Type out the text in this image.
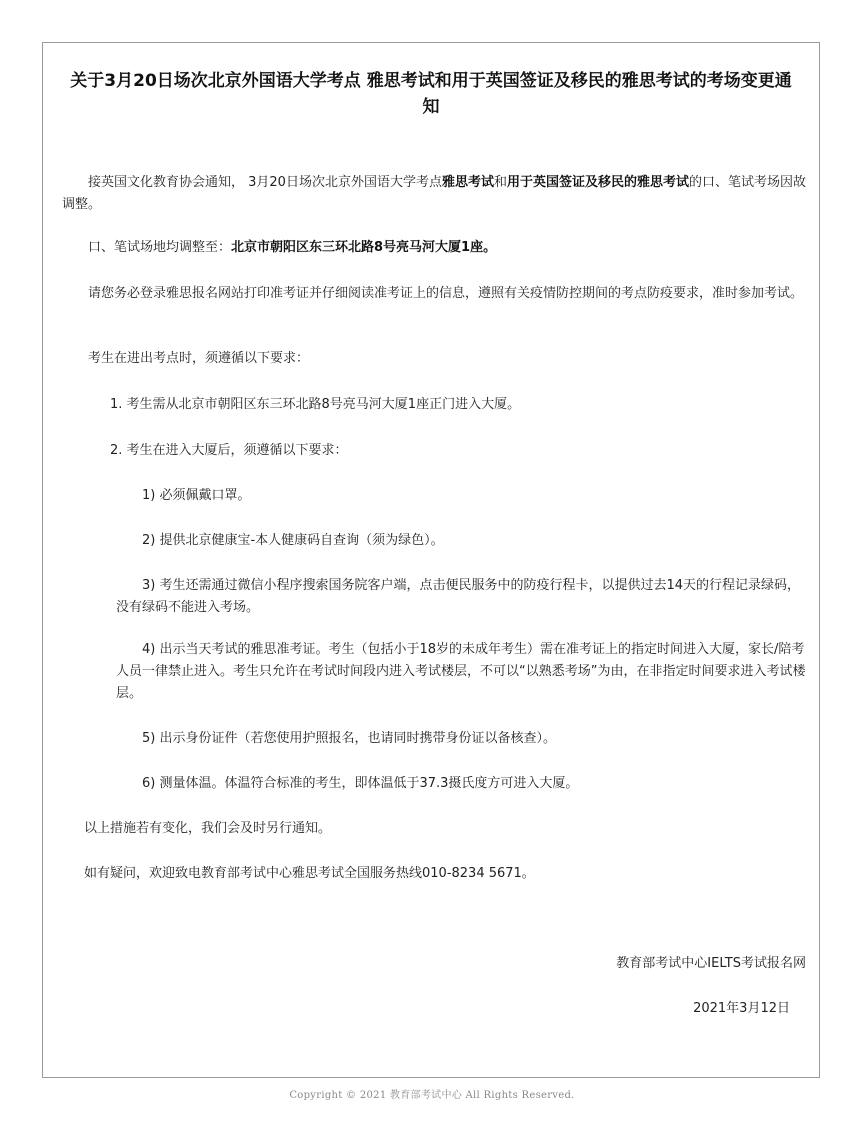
关于3月20日场次北京外国语大学考点 雅思考试和用于英国签证及移民的雅思考试的考场变更通知

接英国文化教育协会通知， 3月20日场次北京外国语大学考点雅思考试和用于英国签证及移民的雅思考试的口、笔试考场因故调整。

口、笔试场地均调整至：北京市朝阳区东三环北路8号亮马河大厦1座。

请您务必登录雅思报名网站打印准考证并仔细阅读准考证上的信息，遵照有关疫情防控期间的考点防疫要求，准时参加考试。

考生在进出考点时，须遵循以下要求：

1. 考生需从北京市朝阳区东三环北路8号亮马河大厦1座正门进入大厦。

2. 考生在进入大厦后，须遵循以下要求：

1) 必须佩戴口罩。

2) 提供北京健康宝-本人健康码自查询（须为绿色）。

3) 考生还需通过微信小程序搜索国务院客户端，点击便民服务中的防疫行程卡，以提供过去14天的行程记录绿码，没有绿码不能进入考场。

4) 出示当天考试的雅思准考证。考生（包括小于18岁的未成年考生）需在准考证上的指定时间进入大厦，家长/陪考人员一律禁止进入。考生只允许在考试时间段内进入考试楼层，不可以“以熟悉考场”为由，在非指定时间要求进入考试楼层。

5) 出示身份证件（若您使用护照报名，也请同时携带身份证以备核查）。

6) 测量体温。体温符合标准的考生，即体温低于37.3摄氏度方可进入大厦。

以上措施若有变化，我们会及时另行通知。

如有疑问，欢迎致电教育部考试中心雅思考试全国服务热线010-8234 5671。

教育部考试中心IELTS考试报名网

2021年3月12日

Copyright © 2021 教育部考试中心 All Rights Reserved.
